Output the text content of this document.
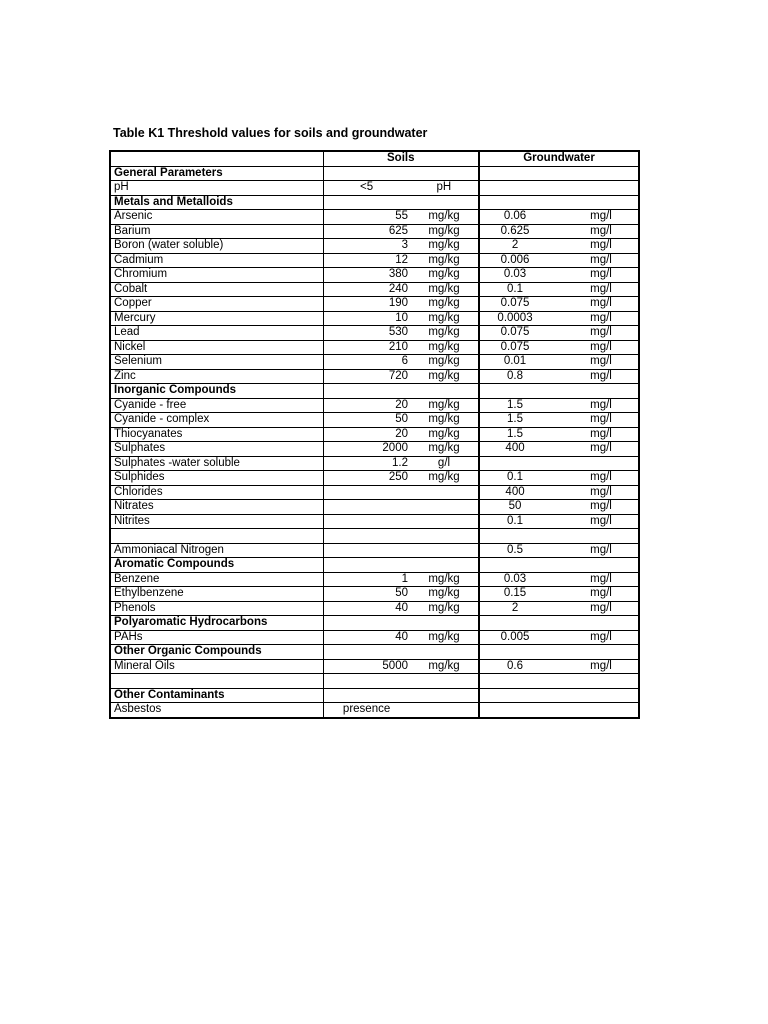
Table K1 Threshold values for soils and groundwater
	Soils		Groundwater	
General Parameters				
pH	<5 pH			

Metals and Metalloids				
Arsenic	55	mg/kg	0.06	mg/l
Barium	625	mg/kg	0.625	mg/l
Boron (water soluble)	3	mg/kg	2	mg/l
Cadmium	12	mg/kg	0.006	mg/l
Chromium	380	mg/kg	0.03	mg/l
Cobalt	240	mg/kg	0.1	mg/l
Copper	190	mg/kg	0.075	mg/l
Mercury	10	mg/kg	0.0003	mg/l
Lead	530	mg/kg	0.075	mg/l
Nickel	210	mg/kg	0.075	mg/l
Selenium	6	mg/kg	0.01	mg/l
Zinc	720	mg/kg	0.8	mg/l
Inorganic Compounds				
Cyanide - free	20	mg/kg	1.5	mg/l
Cyanide - complex	50	mg/kg	1.5	mg/l
Thiocyanates	20	mg/kg	1.5	mg/l
Sulphates	2000	mg/kg	400	mg/l
Sulphates -water soluble	1.2	g/l		
Sulphides	250	mg/kg	0.1	mg/l
Chlorides			400	mg/l
Nitrates			50	mg/l
Nitrites			0.1	mg/l

Ammoniacal Nitrogen			0.5	mg/l
Aromatic Compounds				
Benzene	1	mg/kg	0.03	mg/l
Ethylbenzene	50	mg/kg	0.15	mg/l
Phenols	40	mg/kg	2	mg/l
Polyaromatic Hydrocarbons				
PAHs	40	mg/kg	0.005	mg/l
Other Organic Compounds				
Mineral Oils	5000	mg/kg	0.6	mg/l

Other Contaminants				
Asbestos	presence			
